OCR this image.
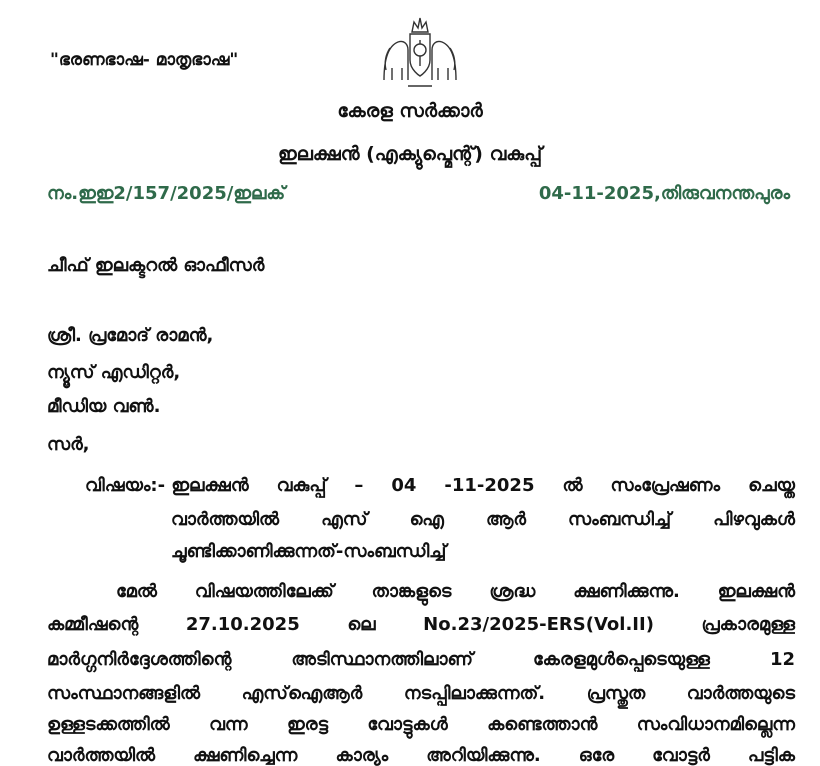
"ഭരണഭാഷ- മാതൃഭാഷ"
കേരള സർക്കാർ
ഇലക്ഷൻ (എക്യുപ്മെന്റ്) വകുപ്പ്
നം.ഇഇ2/157/2025/ഇലക്	04-11-2025,തിരുവനന്തപുരം
ചീഫ് ഇലക്ടറൽ ഓഫീസർ
ശ്രീ. പ്രമോദ് രാമൻ,
ന്യൂസ് എഡിറ്റർ,
മീഡിയ വൺ.
സർ,
വിഷയം:- ഇലക്ഷൻ വകുപ്പ് – 04 -11-2025 ൽ സംപ്രേഷണം ചെയ്ത
വാർത്തയിൽ എസ് ഐ ആർ സംബന്ധിച്ച് പിഴവുകൾ
ചൂണ്ടിക്കാണിക്കുന്നത്-സംബന്ധിച്ച്
മേൽ വിഷയത്തിലേക്ക് താങ്കളുടെ ശ്രദ്ധ ക്ഷണിക്കുന്നു. ഇലക്ഷൻ
കമ്മീഷന്റെ	27.10.2025	ലെ	No.23/2025-ERS(Vol.II)	പ്രകാരമുള്ള
മാർഗ്ഗനിർദ്ദേശത്തിന്റെ	അടിസ്ഥാനത്തിലാണ്	കേരളമുൾപ്പെടെയുള്ള	12
സംസ്ഥാനങ്ങളിൽ എസ്ഐആർ നടപ്പിലാക്കുന്നത്. പ്രസ്തുത വാർത്തയുടെ
ഉള്ളടക്കത്തിൽ വന്ന ഇരട്ട വോട്ടുകൾ കണ്ടെത്താൻ സംവിധാനമില്ലെന്ന
വാർത്തയിൽ ക്ഷണിച്ചെന്ന കാര്യം അറിയിക്കുന്നു. ഒരേ വോട്ടർ പട്ടിക
